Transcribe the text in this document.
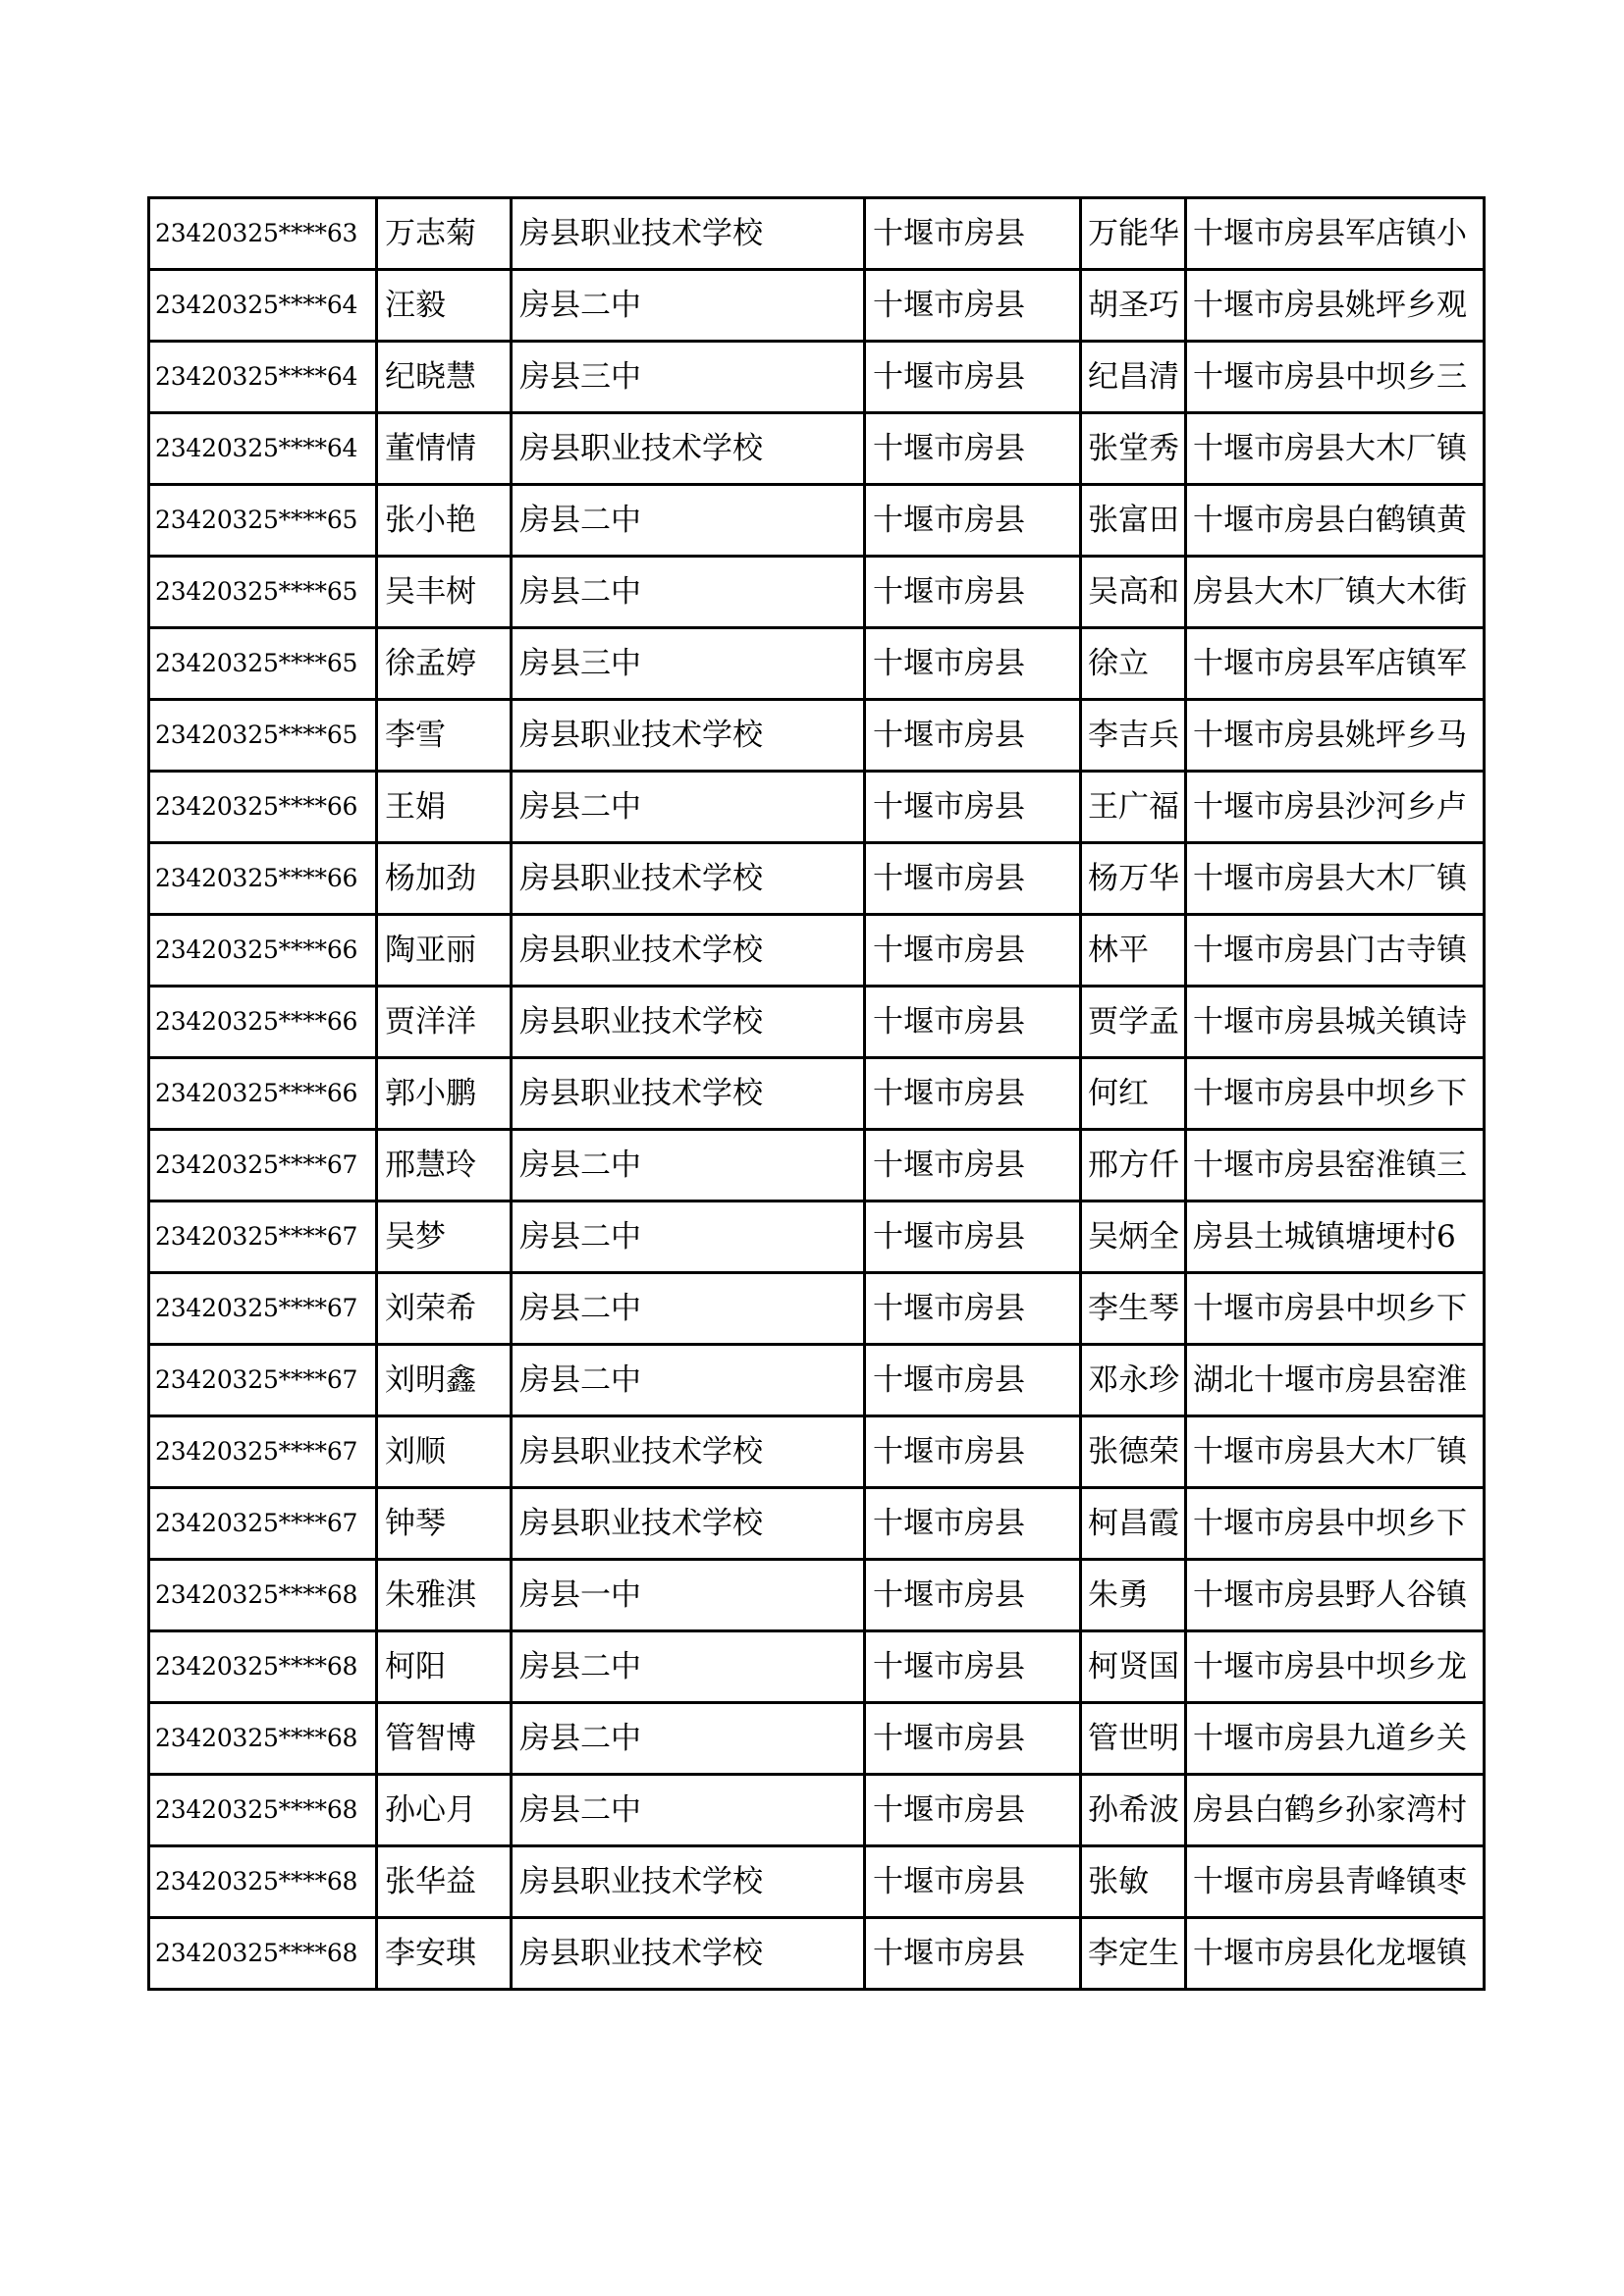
23420325****63	万志菊	房县职业技术学校	十堰市房县	万能华	十堰市房县军店镇小
23420325****64	汪毅	房县二中	十堰市房县	胡圣巧	十堰市房县姚坪乡观
23420325****64	纪晓慧	房县三中	十堰市房县	纪昌清	十堰市房县中坝乡三
23420325****64	董情情	房县职业技术学校	十堰市房县	张堂秀	十堰市房县大木厂镇
23420325****65	张小艳	房县二中	十堰市房县	张富田	十堰市房县白鹤镇黄
23420325****65	吴丰树	房县二中	十堰市房县	吴高和	房县大木厂镇大木街
23420325****65	徐孟婷	房县三中	十堰市房县	徐立	十堰市房县军店镇军
23420325****65	李雪	房县职业技术学校	十堰市房县	李吉兵	十堰市房县姚坪乡马
23420325****66	王娟	房县二中	十堰市房县	王广福	十堰市房县沙河乡卢
23420325****66	杨加劲	房县职业技术学校	十堰市房县	杨万华	十堰市房县大木厂镇
23420325****66	陶亚丽	房县职业技术学校	十堰市房县	林平	十堰市房县门古寺镇
23420325****66	贾洋洋	房县职业技术学校	十堰市房县	贾学孟	十堰市房县城关镇诗
23420325****66	郭小鹏	房县职业技术学校	十堰市房县	何红	十堰市房县中坝乡下
23420325****67	邢慧玲	房县二中	十堰市房县	邢方仟	十堰市房县窑淮镇三
23420325****67	吴梦	房县二中	十堰市房县	吴炳全	房县土城镇塘埂村6
23420325****67	刘荣希	房县二中	十堰市房县	李生琴	十堰市房县中坝乡下
23420325****67	刘明鑫	房县二中	十堰市房县	邓永珍	湖北十堰市房县窑淮
23420325****67	刘顺	房县职业技术学校	十堰市房县	张德荣	十堰市房县大木厂镇
23420325****67	钟琴	房县职业技术学校	十堰市房县	柯昌霞	十堰市房县中坝乡下
23420325****68	朱雅淇	房县一中	十堰市房县	朱勇	十堰市房县野人谷镇
23420325****68	柯阳	房县二中	十堰市房县	柯贤国	十堰市房县中坝乡龙
23420325****68	管智博	房县二中	十堰市房县	管世明	十堰市房县九道乡关
23420325****68	孙心月	房县二中	十堰市房县	孙希波	房县白鹤乡孙家湾村
23420325****68	张华益	房县职业技术学校	十堰市房县	张敏	十堰市房县青峰镇枣
23420325****68	李安琪	房县职业技术学校	十堰市房县	李定生	十堰市房县化龙堰镇
